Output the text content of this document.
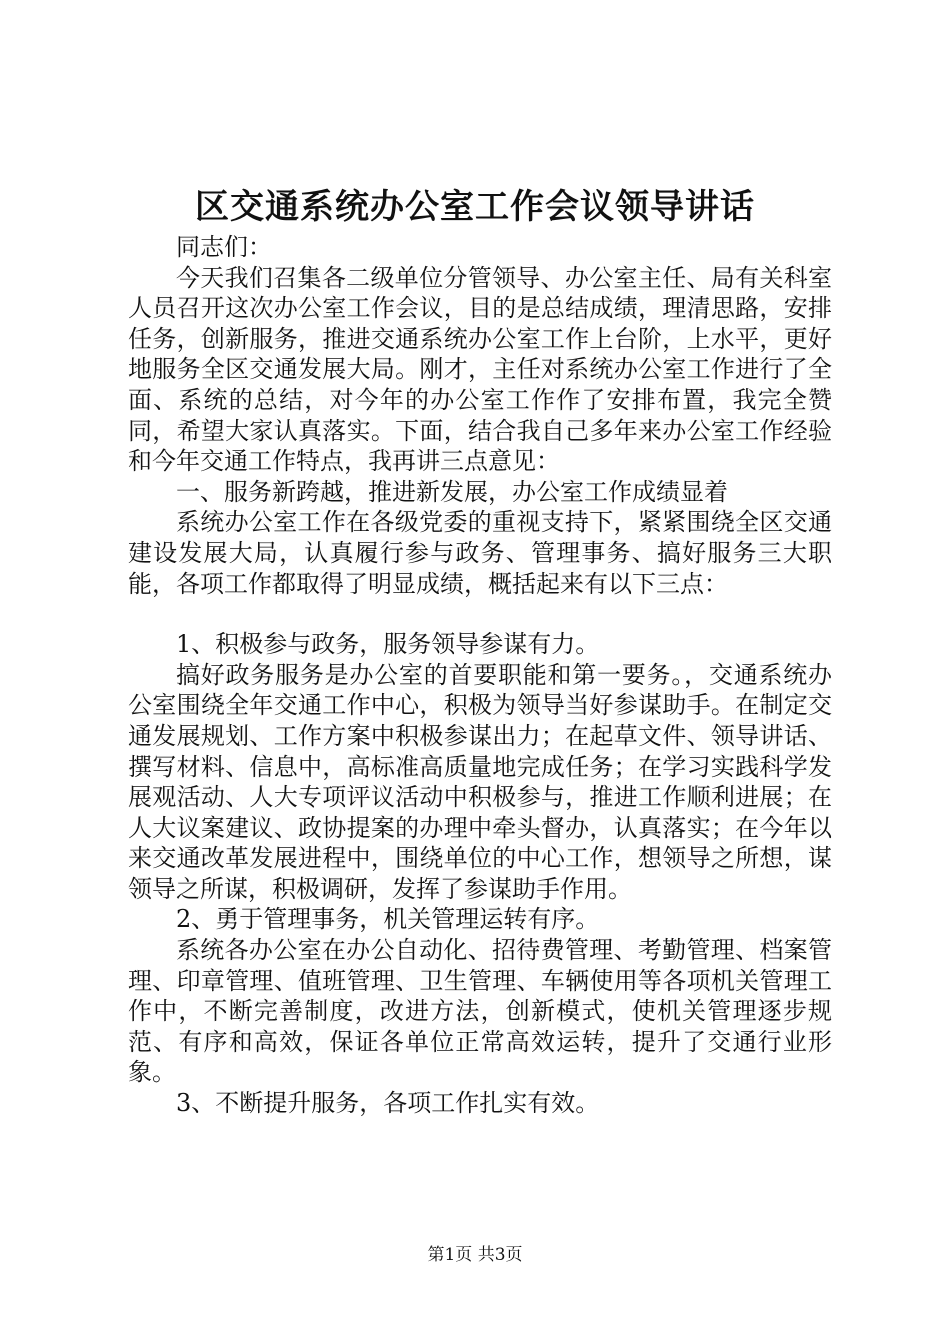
区交通系统办公室工作会议领导讲话

同志们：

今天我们召集各二级单位分管领导、办公室主任、局有关科室人员召开这次办公室工作会议，目的是总结成绩，理清思路，安排任务，创新服务，推进交通系统办公室工作上台阶，上水平，更好地服务全区交通发展大局。刚才，主任对系统办公室工作进行了全面、系统的总结，对今年的办公室工作作了安排布置，我完全赞同，希望大家认真落实。下面，结合我自己多年来办公室工作经验和今年交通工作特点，我再讲三点意见：

一、服务新跨越，推进新发展，办公室工作成绩显着

系统办公室工作在各级党委的重视支持下，紧紧围绕全区交通建设发展大局，认真履行参与政务、管理事务、搞好服务三大职能，各项工作都取得了明显成绩，概括起来有以下三点：

1、积极参与政务，服务领导参谋有力。

搞好政务服务是办公室的首要职能和第一要务。，交通系统办公室围绕全年交通工作中心，积极为领导当好参谋助手。在制定交通发展规划、工作方案中积极参谋出力；在起草文件、领导讲话、撰写材料、信息中，高标准高质量地完成任务；在学习实践科学发展观活动、人大专项评议活动中积极参与，推进工作顺利进展；在人大议案建议、政协提案的办理中牵头督办，认真落实；在今年以来交通改革发展进程中，围绕单位的中心工作，想领导之所想，谋领导之所谋，积极调研，发挥了参谋助手作用。

2、勇于管理事务，机关管理运转有序。

系统各办公室在办公自动化、招待费管理、考勤管理、档案管理、印章管理、值班管理、卫生管理、车辆使用等各项机关管理工作中，不断完善制度，改进方法，创新模式，使机关管理逐步规范、有序和高效，保证各单位正常高效运转，提升了交通行业形象。

3、不断提升服务，各项工作扎实有效。

第1页 共3页
